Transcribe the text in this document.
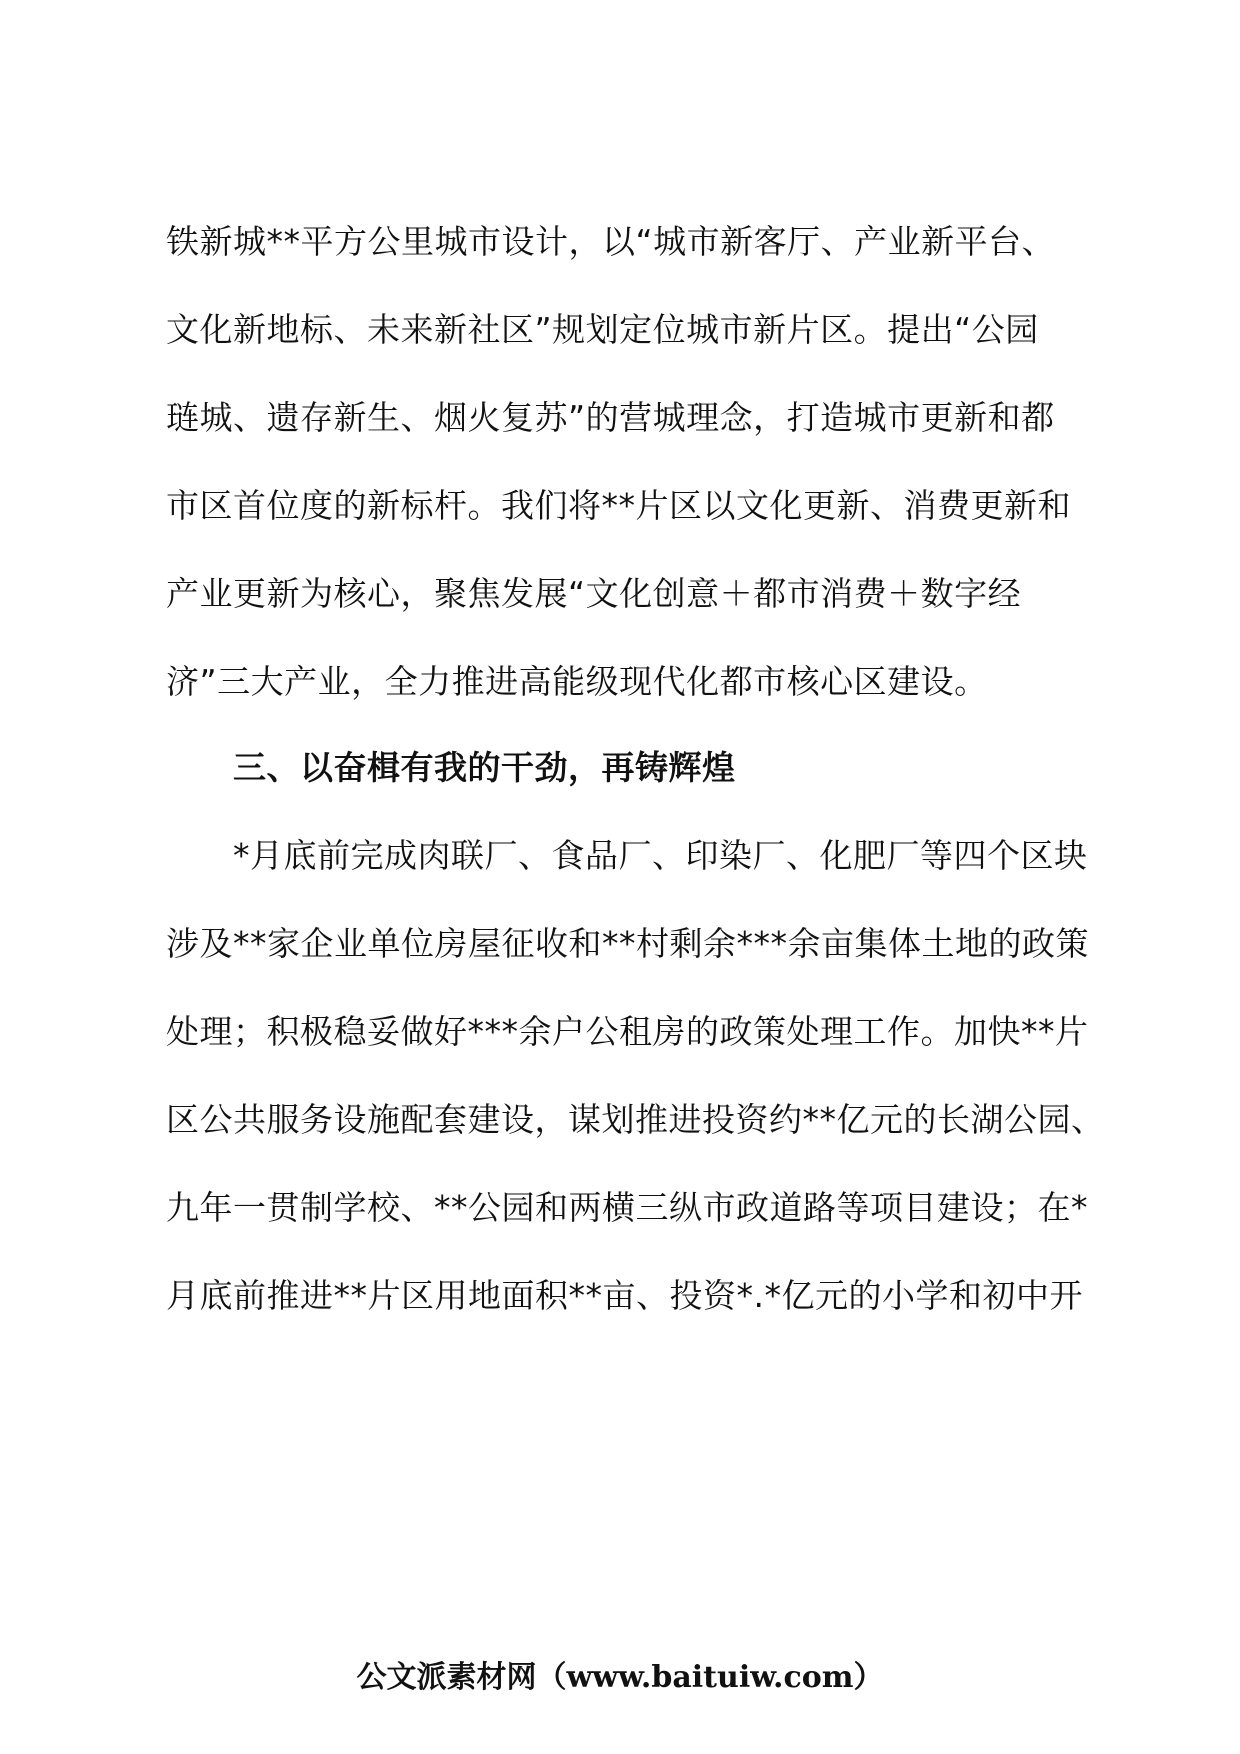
铁新城**平方公里城市设计，以“城市新客厅、产业新平台、
文化新地标、未来新社区”规划定位城市新片区。提出“公园
琏城、遗存新生、烟火复苏”的营城理念，打造城市更新和都
市区首位度的新标杆。我们将**片区以文化更新、消费更新和
产业更新为核心，聚焦发展“文化创意＋都市消费＋数字经
济”三大产业，全力推进高能级现代化都市核心区建设。
三、以奋楫有我的干劲，再铸辉煌
*月底前完成肉联厂、食品厂、印染厂、化肥厂等四个区块
涉及**家企业单位房屋征收和**村剩余***余亩集体土地的政策
处理；积极稳妥做好***余户公租房的政策处理工作。加快**片
区公共服务设施配套建设，谋划推进投资约**亿元的长湖公园、
九年一贯制学校、**公园和两横三纵市政道路等项目建设；在*
月底前推进**片区用地面积**亩、投资*.*亿元的小学和初中开
公文派素材网（www.baituiw.com）
